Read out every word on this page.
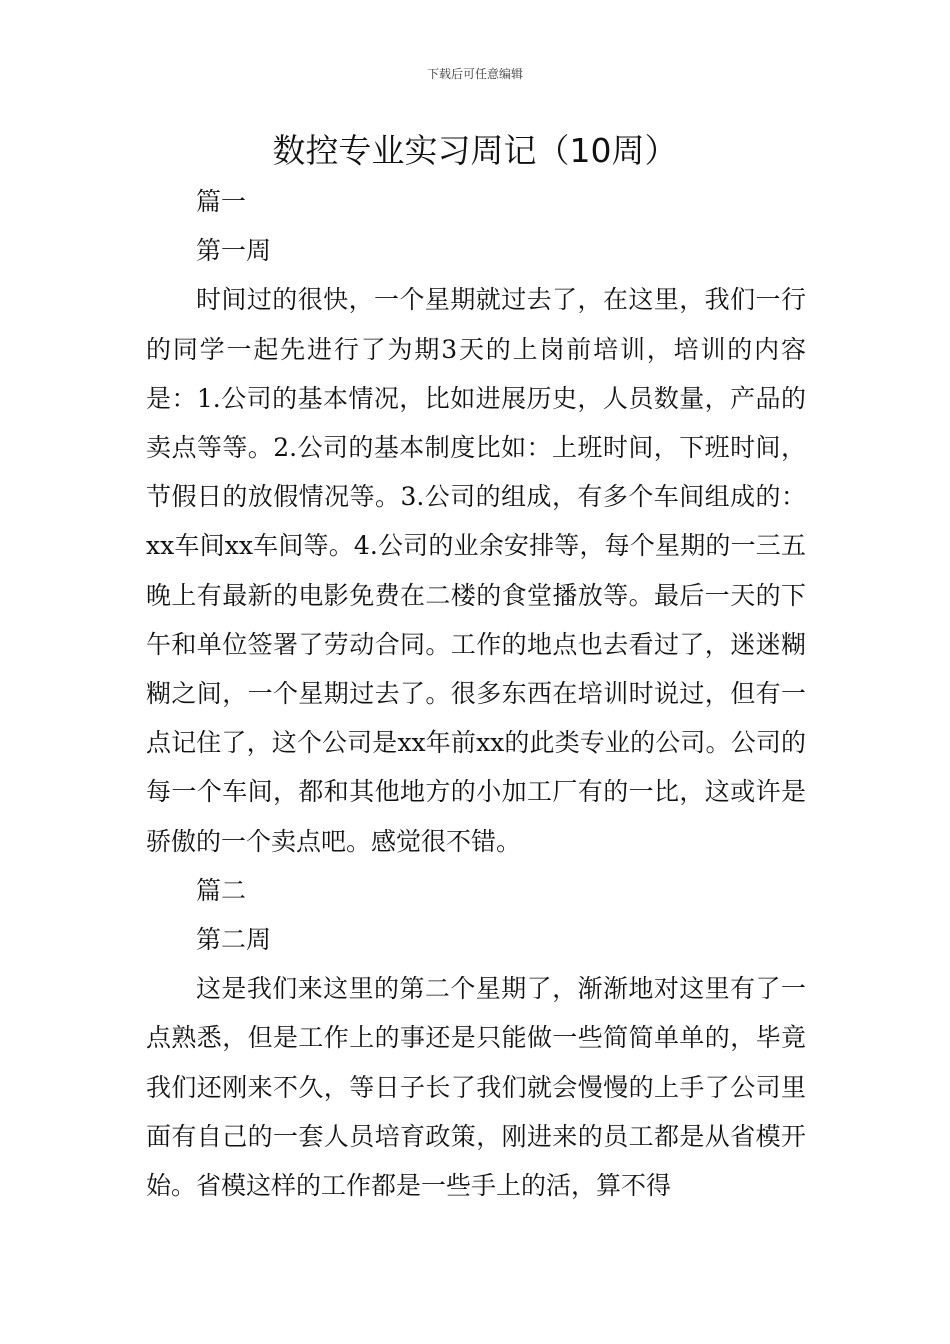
下载后可任意编辑
数控专业实习周记（10周）

篇一

第一周

时间过的很快，一个星期就过去了，在这里，我们一行的同学一起先进行了为期3天的上岗前培训，培训的内容是：1.公司的基本情况，比如进展历史，人员数量，产品的卖点等等。2.公司的基本制度比如：上班时间，下班时间，节假日的放假情况等。3.公司的组成，有多个车间组成的：xx车间xx车间等。4.公司的业余安排等，每个星期的一三五晚上有最新的电影免费在二楼的食堂播放等。最后一天的下午和单位签署了劳动合同。工作的地点也去看过了，迷迷糊糊之间，一个星期过去了。很多东西在培训时说过，但有一点记住了，这个公司是xx年前xx的此类专业的公司。公司的每一个车间，都和其他地方的小加工厂有的一比，这或许是骄傲的一个卖点吧。感觉很不错。

篇二

第二周

这是我们来这里的第二个星期了，渐渐地对这里有了一点熟悉，但是工作上的事还是只能做一些简简单单的，毕竟我们还刚来不久，等日子长了我们就会慢慢的上手了公司里面有自己的一套人员培育政策，刚进来的员工都是从省模开始。省模这样的工作都是一些手上的活，算不得
